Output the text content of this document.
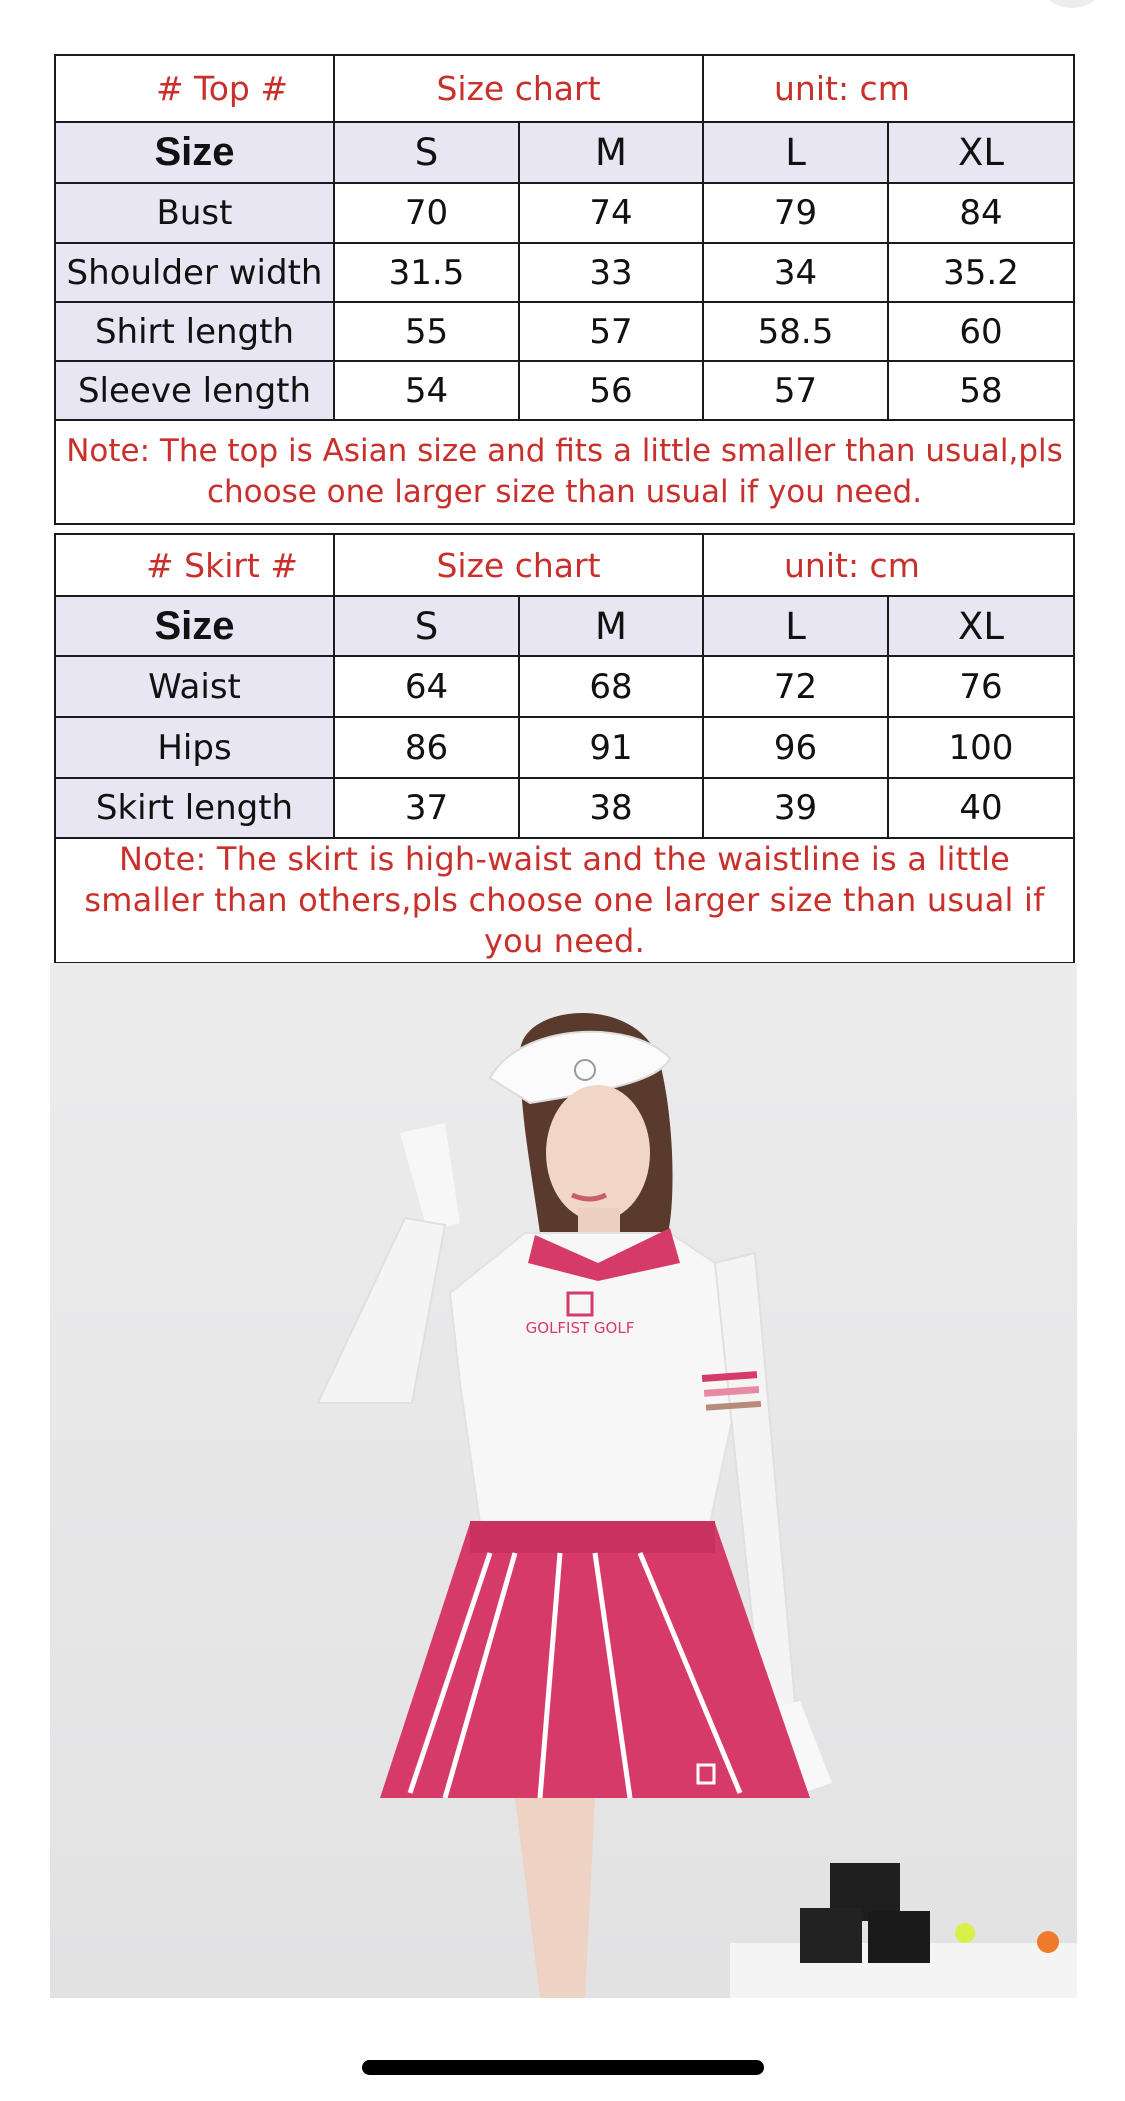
# Top #	Size chart		unit: cm	
Size	S	M	L	XL
Bust	70	74	79	84
Shoulder width	31.5	33	34	35.2
Shirt length	55	57	58.5	60
Sleeve length	54	56	57	58
Note: The top is Asian size and fits a little smaller than usual,pls choose one larger size than usual if you need.				
# Skirt #	Size chart		unit: cm	
Size	S	M	L	XL
Waist	64	68	72	76
Hips	86	91	96	100
Skirt length	37	38	39	40
Note: The skirt is high-waist and the waistline is a little smaller than others,pls choose one larger size than usual if you need.				
GOLFIST GOLF
